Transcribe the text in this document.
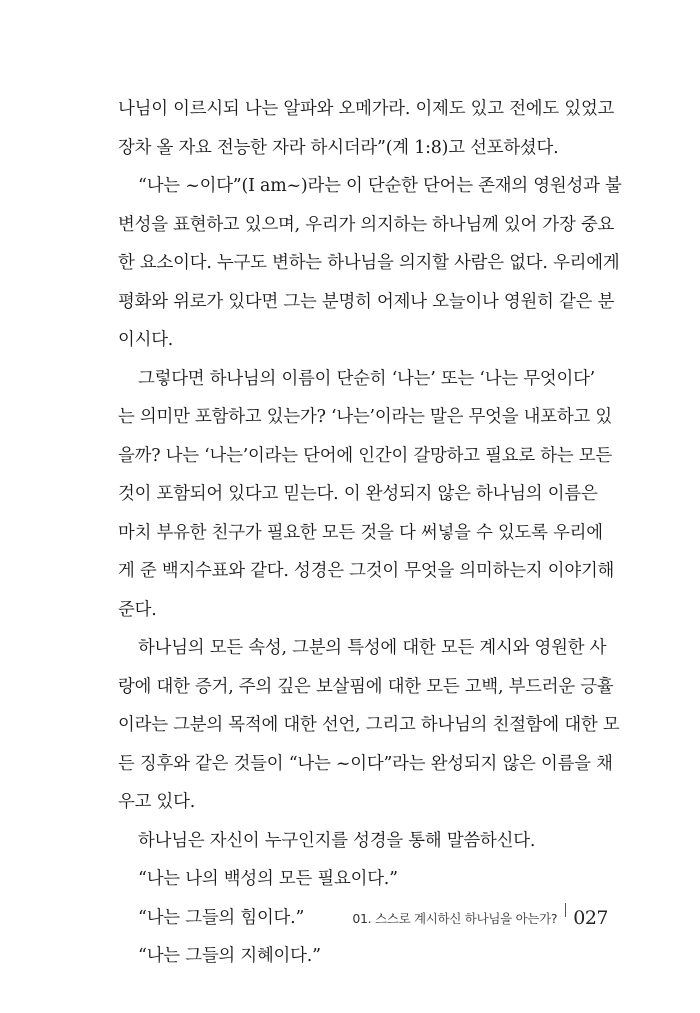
나님이 이르시되 나는 알파와 오메가라. 이제도 있고 전에도 있었고
장차 올 자요 전능한 자라 하시더라”(계 1:8)고 선포하셨다.
“나는 ~이다”(I am~)라는 이 단순한 단어는 존재의 영원성과 불
변성을 표현하고 있으며, 우리가 의지하는 하나님께 있어 가장 중요
한 요소이다. 누구도 변하는 하나님을 의지할 사람은 없다. 우리에게
평화와 위로가 있다면 그는 분명히 어제나 오늘이나 영원히 같은 분
이시다.
그렇다면 하나님의 이름이 단순히 ‘나는’ 또는 ‘나는 무엇이다’
는 의미만 포함하고 있는가? ‘나는’이라는 말은 무엇을 내포하고 있
을까? 나는 ‘나는’이라는 단어에 인간이 갈망하고 필요로 하는 모든
것이 포함되어 있다고 믿는다. 이 완성되지 않은 하나님의 이름은
마치 부유한 친구가 필요한 모든 것을 다 써넣을 수 있도록 우리에
게 준 백지수표와 같다. 성경은 그것이 무엇을 의미하는지 이야기해
준다.
하나님의 모든 속성, 그분의 특성에 대한 모든 계시와 영원한 사
랑에 대한 증거, 주의 깊은 보살핌에 대한 모든 고백, 부드러운 긍휼
이라는 그분의 목적에 대한 선언, 그리고 하나님의 친절함에 대한 모
든 징후와 같은 것들이 “나는 ~이다”라는 완성되지 않은 이름을 채
우고 있다.
하나님은 자신이 누구인지를 성경을 통해 말씀하신다.
“나는 나의 백성의 모든 필요이다.”
“나는 그들의 힘이다.”
“나는 그들의 지혜이다.”
01. 스스로 계시하신 하나님을 아는가? 027
